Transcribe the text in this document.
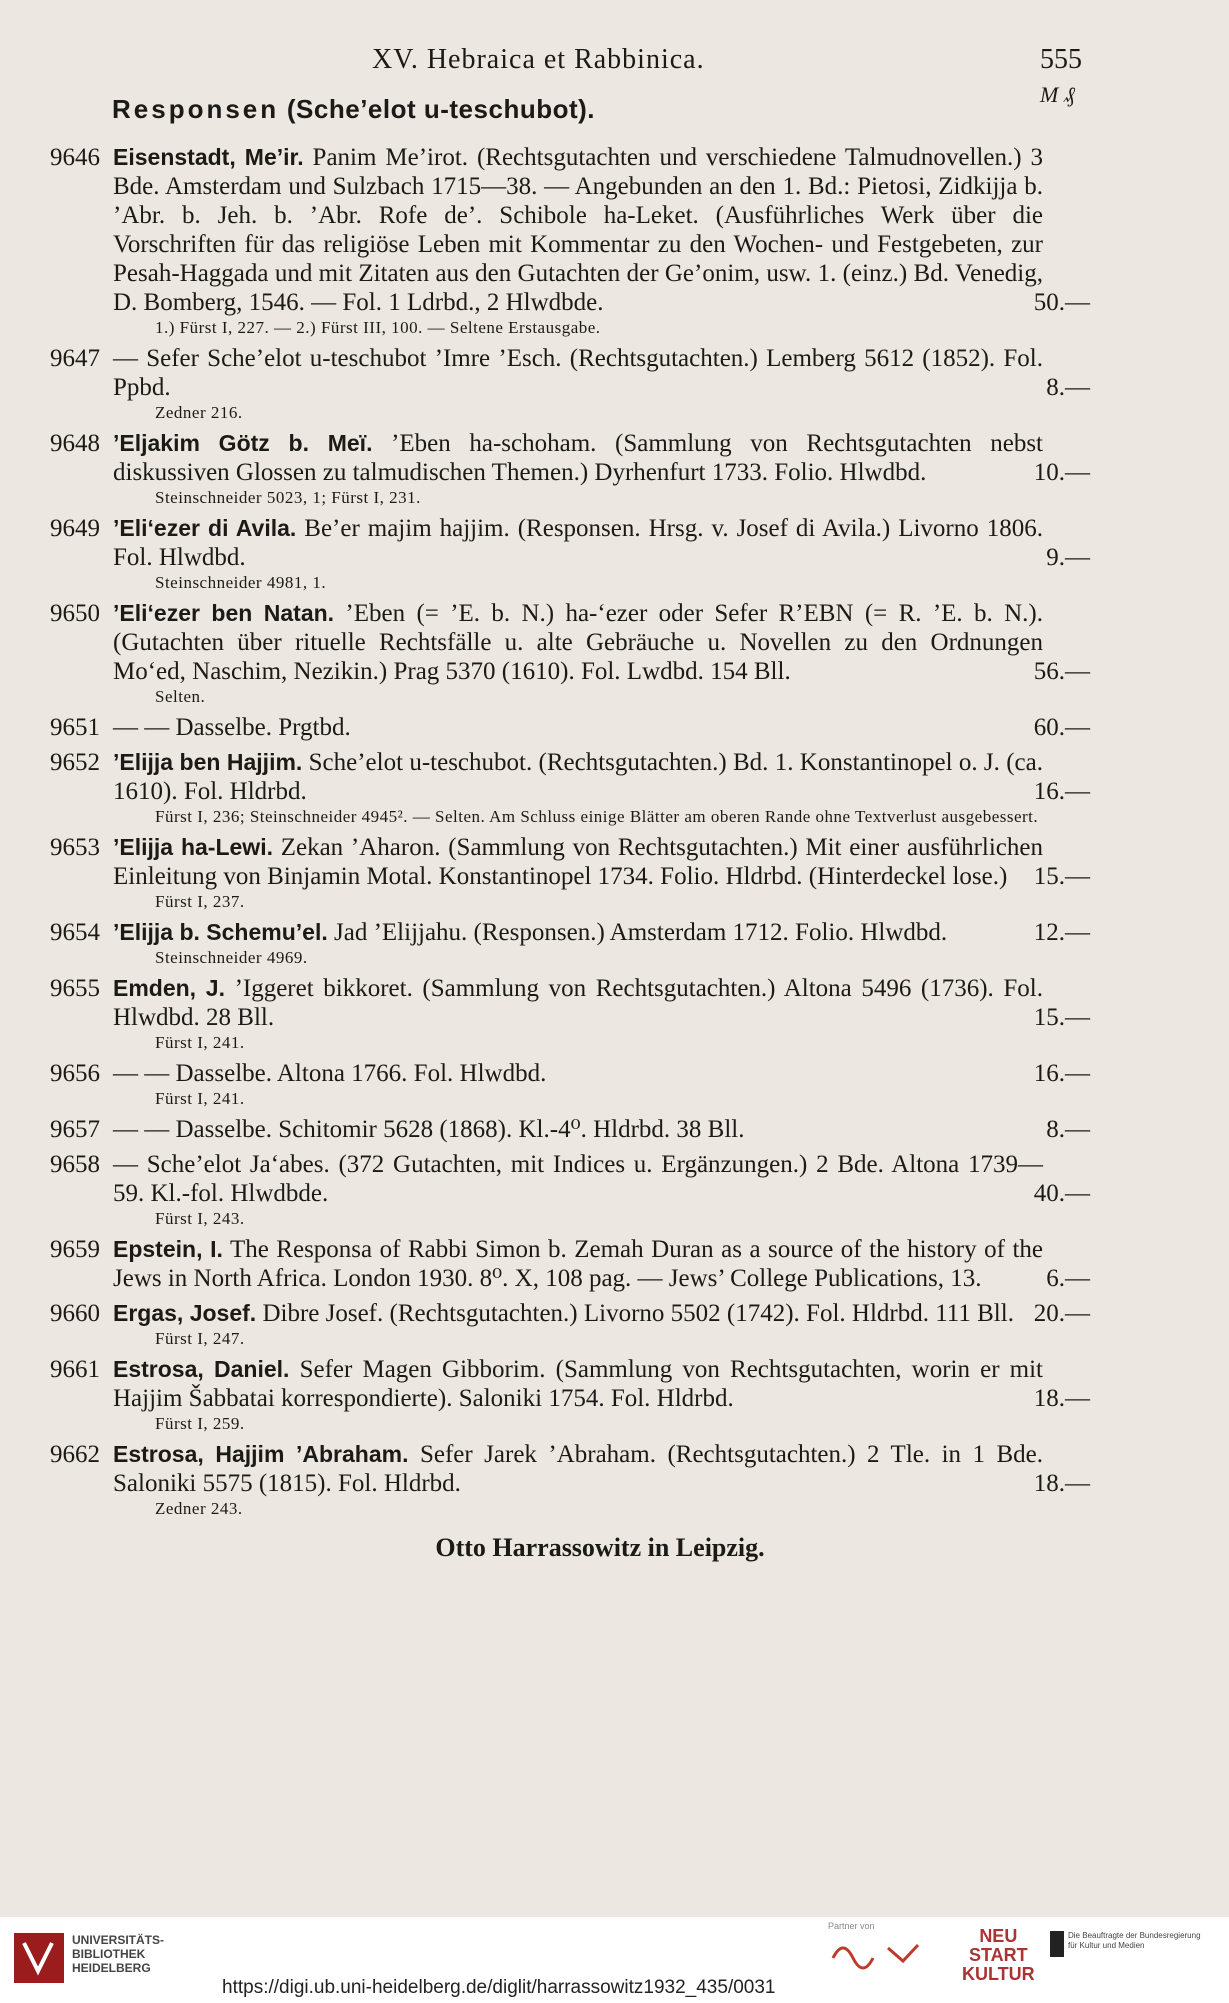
XV. Hebraica et Rabbinica.	555
M ₰
Responsen (Sche’elot u-teschubot).
9646 Eisenstadt, Me’ir. Panim Me’irot. (Rechtsgutachten und verschiedene Talmudnovellen.) 3 Bde. Amsterdam und Sulzbach 1715—38. — Angebunden an den 1. Bd.: Pietosi, Zidkijja b. ’Abr. b. Jeh. b. ’Abr. Rofe de’. Schibole ha-Leket. (Ausführliches Werk über die Vorschriften für das religiöse Leben mit Kommentar zu den Wochen- und Festgebeten, zur Pesah-Haggada und mit Zitaten aus den Gutachten der Ge’onim, usw. 1. (einz.) Bd. Venedig, D. Bomberg, 1546. — Fol. 1 Ldrbd., 2 Hlwdbde.	50.—
1.) Fürst I, 227. — 2.) Fürst III, 100. — Seltene Erstausgabe.
9647 — Sefer Sche’elot u-teschubot ’Imre ’Esch. (Rechtsgutachten.) Lemberg 5612 (1852). Fol. Ppbd.	8.—
Zedner 216.
9648 ’Eljakim Götz b. Meï. ’Eben ha-schoham. (Sammlung von Rechtsgutachten nebst diskussiven Glossen zu talmudischen Themen.) Dyrhenfurt 1733. Folio. Hlwdbd.	10.—
Steinschneider 5023, 1; Fürst I, 231.
9649 ’Eli‘ezer di Avila. Be’er majim hajjim. (Responsen. Hrsg. v. Josef di Avila.) Livorno 1806. Fol. Hlwdbd.	9.—
Steinschneider 4981, 1.
9650 ’Eli‘ezer ben Natan. ’Eben (= ’E. b. N.) ha-‘ezer oder Sefer R’EBN (= R. ’E. b. N.). (Gutachten über rituelle Rechtsfälle u. alte Gebräuche u. Novellen zu den Ordnungen Mo‘ed, Naschim, Nezikin.) Prag 5370 (1610). Fol. Lwdbd. 154 Bll.	56.—
Selten.
9651 — — Dasselbe. Prgtbd.	60.—
9652 ’Elijja ben Hajjim. Sche’elot u-teschubot. (Rechtsgutachten.) Bd. 1. Konstantinopel o. J. (ca. 1610). Fol. Hldrbd.	16.—
Fürst I, 236; Steinschneider 4945². — Selten. Am Schluss einige Blätter am oberen Rande ohne Textverlust ausgebessert.
9653 ’Elijja ha-Lewi. Zekan ’Aharon. (Sammlung von Rechtsgutachten.) Mit einer ausführlichen Einleitung von Binjamin Motal. Konstantinopel 1734. Folio. Hldrbd. (Hinterdeckel lose.)	15.—
Fürst I, 237.
9654 ’Elijja b. Schemu’el. Jad ’Elijjahu. (Responsen.) Amsterdam 1712. Folio. Hlwdbd.	12.—
Steinschneider 4969.
9655 Emden, J. ’Iggeret bikkoret. (Sammlung von Rechtsgutachten.) Altona 5496 (1736). Fol. Hlwdbd. 28 Bll.	15.—
Fürst I, 241.
9656 — — Dasselbe. Altona 1766. Fol. Hlwdbd.	16.—
Fürst I, 241.
9657 — — Dasselbe. Schitomir 5628 (1868). Kl.-4⁰. Hldrbd. 38 Bll.	8.—
9658 — Sche’elot Ja‘abes. (372 Gutachten, mit Indices u. Ergänzungen.) 2 Bde. Altona 1739—59. Kl.-fol. Hlwdbde.	40.—
Fürst I, 243.
9659 Epstein, I. The Responsa of Rabbi Simon b. Zemah Duran as a source of the history of the Jews in North Africa. London 1930. 8⁰. X, 108 pag. — Jews’ College Publications, 13.	6.—
9660 Ergas, Josef. Dibre Josef. (Rechtsgutachten.) Livorno 5502 (1742). Fol. Hldrbd. 111 Bll. 20.—
Fürst I, 247.
9661 Estrosa, Daniel. Sefer Magen Gibborim. (Sammlung von Rechtsgutachten, worin er mit Hajjim Šabbatai korrespondierte). Saloniki 1754. Fol. Hldrbd.	18.—
Fürst I, 259.
9662 Estrosa, Hajjim ’Abraham. Sefer Jarek ’Abraham. (Rechtsgutachten.) 2 Tle. in 1 Bde. Saloniki 5575 (1815). Fol. Hldrbd.	18.—
Zedner 243.
Otto Harrassowitz in Leipzig.
UNIVERSITÄTS-
BIBLIOTHEK
HEIDELBERG
https://digi.ub.uni-heidelberg.de/diglit/harrassowitz1932_435/0031
Partner von	NEU
START
KULTUR
Die Beauftragte der Bundesregierung
für Kultur und Medien
